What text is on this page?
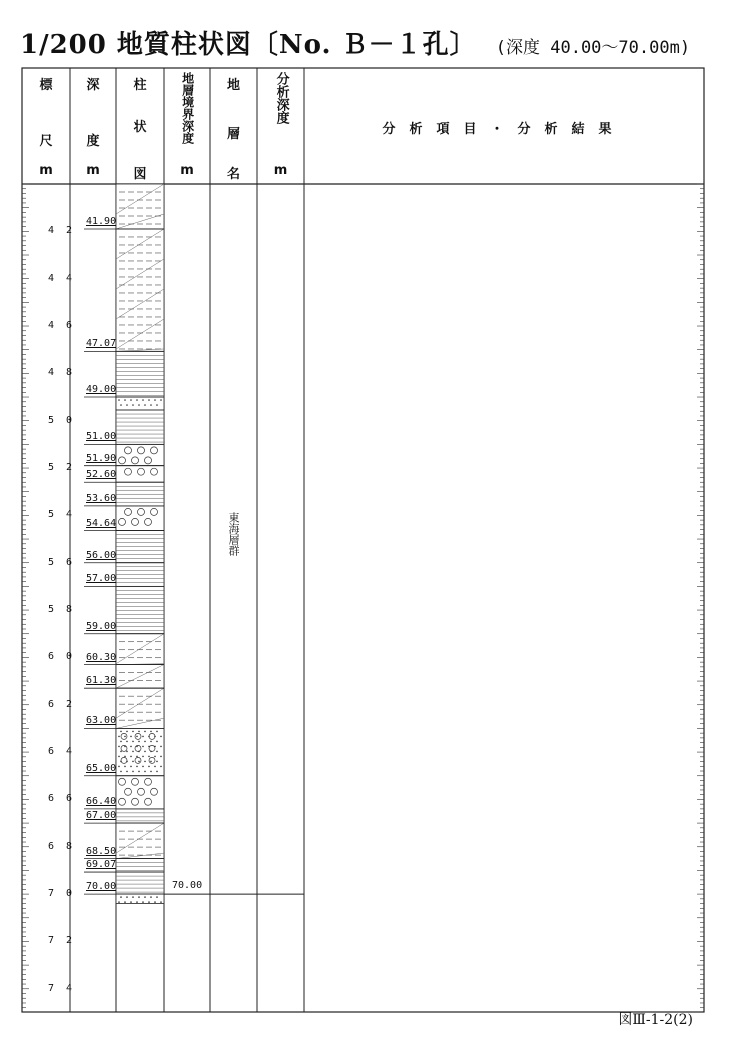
1/200 地質柱状図〔No. Ｂ－１孔〕 (深度 40.00～70.00m)
標
尺
m
深
度
m
柱
状
図
地層境界深度
m
地
層
名
分析深度
m
分析項目・分析結果
41.90
47.07
49.00
51.00
51.90
52.60
53.60
54.64
56.00
57.00
59.00
60.30
61.30
63.00
65.00
66.40
67.00
68.50
69.07
70.00
4 2
4 4
4 6
4 8
5 0
5 2
5 4
5 6
5 8
6 0
6 2
6 4
6 6
6 8
7 0
7 2
7 4
70.00
東海層群
図Ⅲ-1-2(2)
